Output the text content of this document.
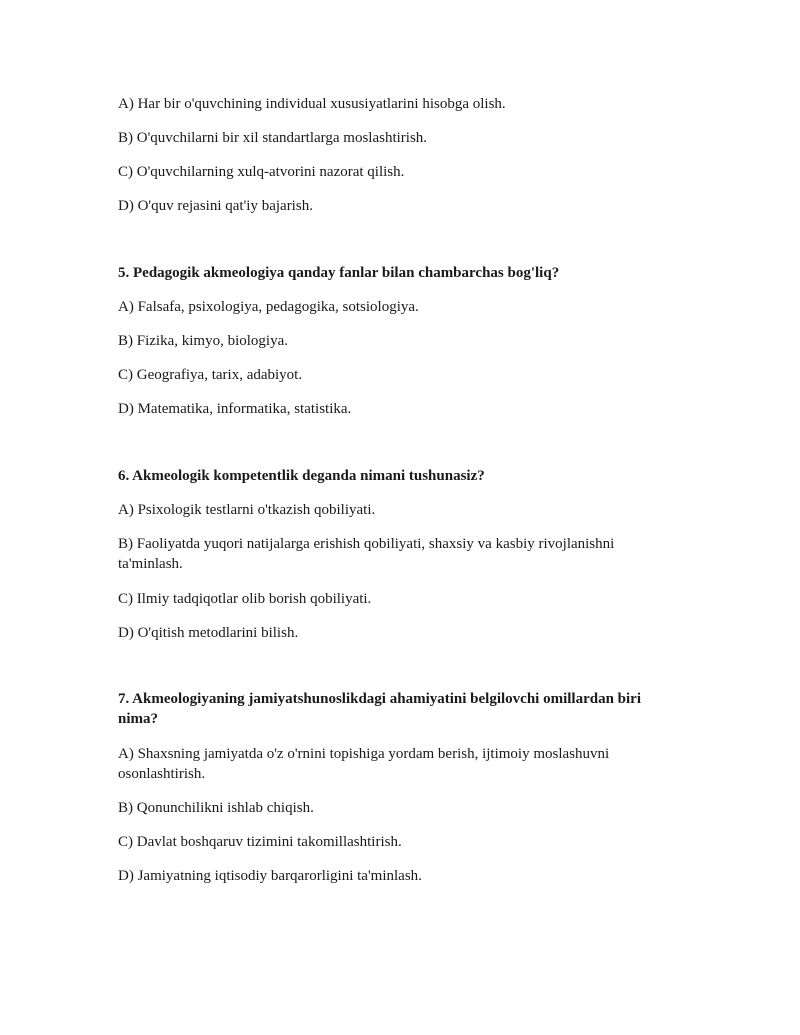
A) Har bir o'quvchining individual xususiyatlarini hisobga olish.
B) O'quvchilarni bir xil standartlarga moslashtirish.
C) O'quvchilarning xulq-atvorini nazorat qilish.
D) O'quv rejasini qat'iy bajarish.
5. Pedagogik akmeologiya qanday fanlar bilan chambarchas bog'liq?
A) Falsafa, psixologiya, pedagogika, sotsiologiya.
B) Fizika, kimyo, biologiya.
C) Geografiya, tarix, adabiyot.
D) Matematika, informatika, statistika.
6. Akmeologik kompetentlik deganda nimani tushunasiz?
A) Psixologik testlarni o'tkazish qobiliyati.
B) Faoliyatda yuqori natijalarga erishish qobiliyati, shaxsiy va kasbiy rivojlanishni ta'minlash.
C) Ilmiy tadqiqotlar olib borish qobiliyati.
D) O'qitish metodlarini bilish.
7. Akmeologiyaning jamiyatshunoslikdagi ahamiyatini belgilovchi omillardan biri nima?
A) Shaxsning jamiyatda o'z o'rnini topishiga yordam berish, ijtimoiy moslashuvni osonlashtirish.
B) Qonunchilikni ishlab chiqish.
C) Davlat boshqaruv tizimini takomillashtirish.
D) Jamiyatning iqtisodiy barqarorligini ta'minlash.
